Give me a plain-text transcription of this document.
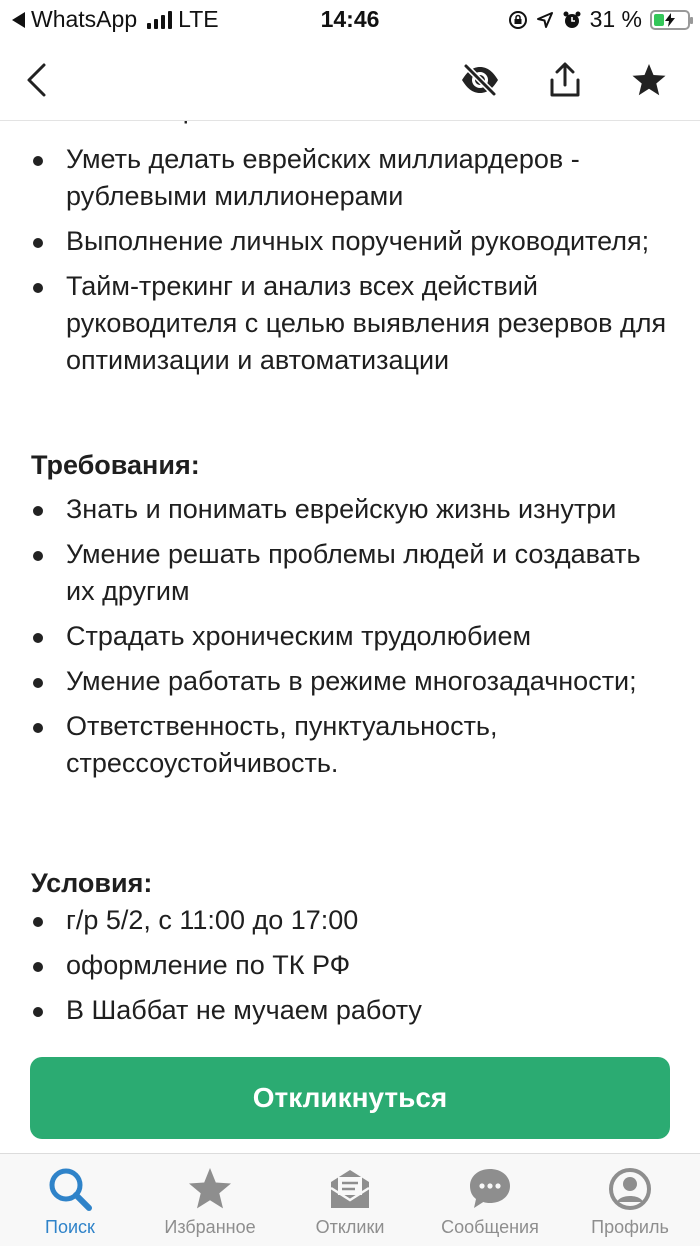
WhatsApp LTE	14:46	31 %
Уметь делать еврейских миллиардеров - рублевыми миллионерами
Выполнение личных поручений руководителя;
Тайм-трекинг и анализ всех действий руководителя с целью выявления резервов для оптимизации и автоматизации
Требования:
Знать и понимать еврейскую жизнь изнутри
Умение решать проблемы людей и создавать их другим
Страдать хроническим трудолюбием
Умение работать в режиме многозадачности;
Ответственность, пунктуальность, стрессоустойчивость.
Условия:
г/р 5/2, с 11:00 до 17:00
оформление по ТК РФ
В Шаббат не мучаем работу
Откликнуться
Поиск	Избранное	Отклики	Сообщения	Профиль
